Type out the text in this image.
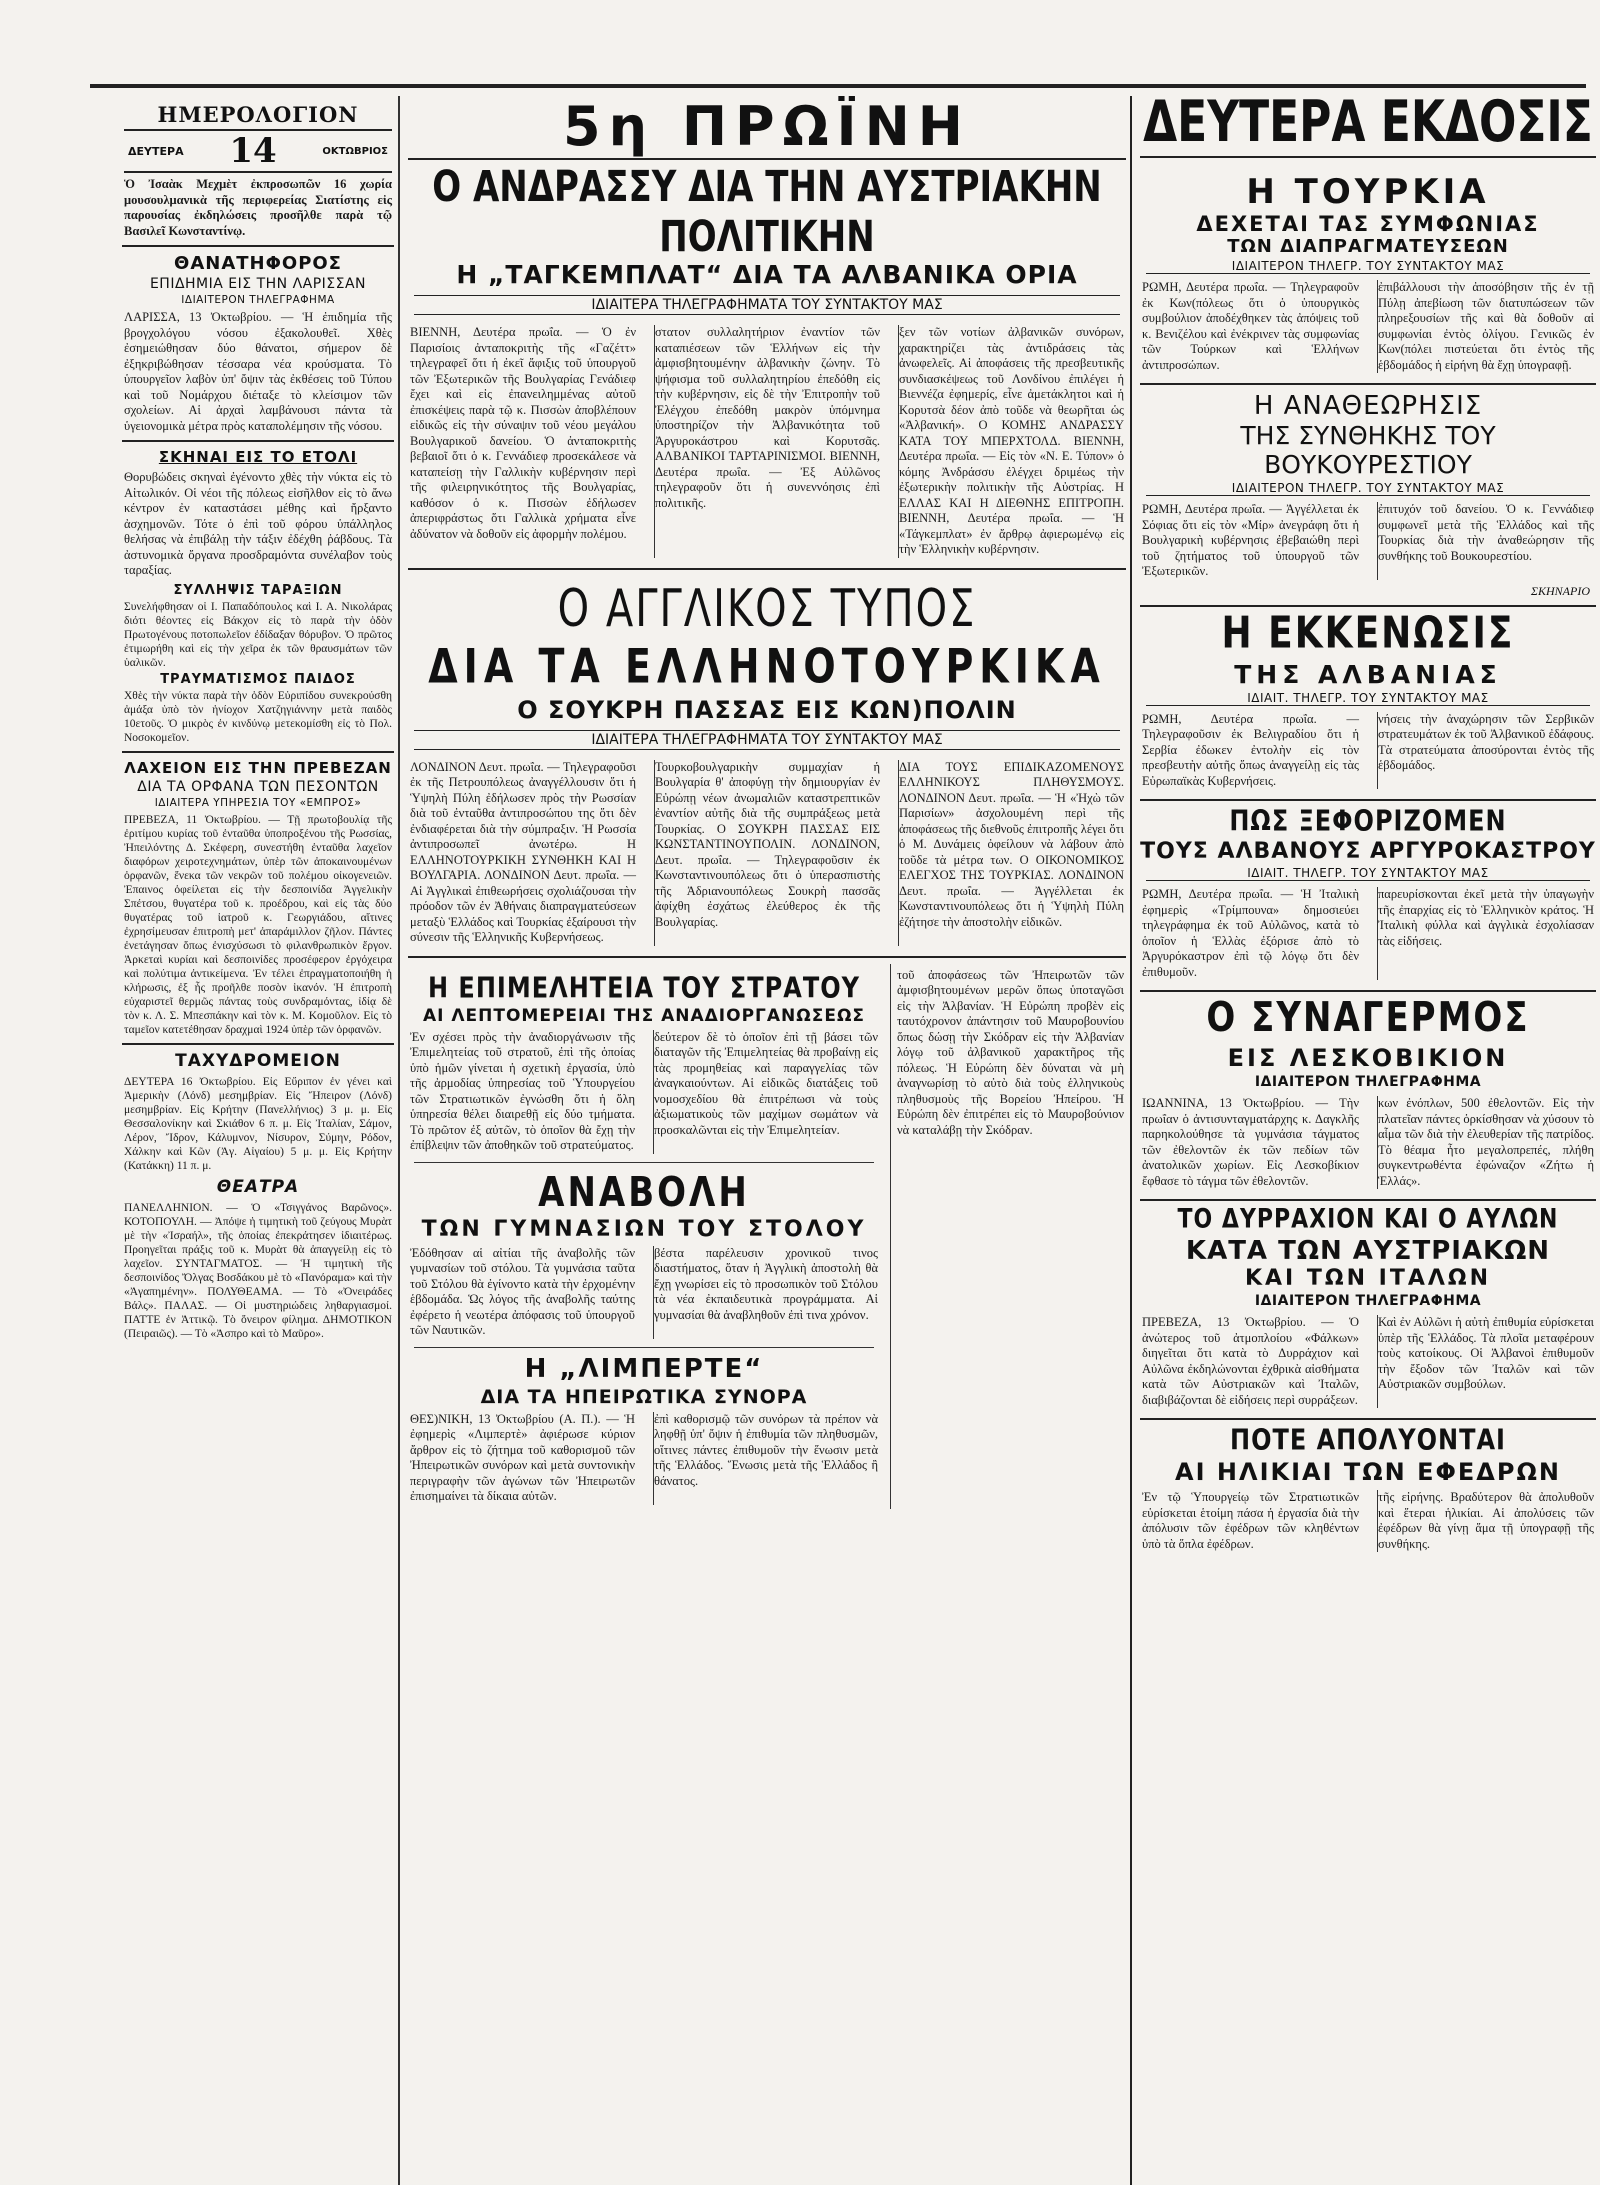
ΗΜΕΡΟΛΟΓΙΟΝ
ΔΕΥΤΕΡΑ 14	ΟΚΤΩΒΡΙΟΣ

Ὁ Ἰσαὰκ Μεχμὲτ ἐκπροσωπῶν 16 χωρία μουσουλμανικὰ τῆς περιφερείας Σιατίστης εἰς παρουσίας ἐκδηλώσεις προσῆλθε παρὰ τῷ Βασιλεῖ Κωνσταντίνῳ.

ΘΑΝΑΤΗΦΟΡΟΣ
ΕΠΙΔΗΜΙΑ ΕΙΣ ΤΗΝ ΛΑΡΙΣΣΑΝ
ΙΔΙΑΙΤΕΡΟΝ ΤΗΛΕΓΡΑΦΗΜΑ

ΛΑΡΙΣΣΑ, 13 Ὀκτωβρίου. — Ἡ ἐπιδημία τῆς βρογχολόγου νόσου ἐξακολουθεῖ. Χθὲς ἐσημειώθησαν δύο θάνατοι, σήμερον δὲ ἐξηκριβώθησαν τέσσαρα νέα κρούσματα. Τὸ ὑπουργεῖον λαβὸν ὑπ' ὄψιν τὰς ἐκθέσεις τοῦ Τύπου καὶ τοῦ Νομάρχου διέταξε τὸ κλείσιμον τῶν σχολείων. Αἱ ἀρχαὶ λαμβάνουσι πάντα τὰ ὑγειονομικὰ μέτρα πρὸς καταπολέμησιν τῆς νόσου.

ΣΚΗΝΑΙ ΕΙΣ ΤΟ ΕΤΟΛΙ

Θορυβώδεις σκηναὶ ἐγένοντο χθὲς τὴν νύκτα εἰς τὸ Αἰτωλικόν. Οἱ νέοι τῆς πόλεως εἰσῆλθον εἰς τὸ ἄνω κέντρον ἐν καταστάσει μέθης καὶ ἤρξαντο ἀσχημονῶν. Τότε ὁ ἐπὶ τοῦ φόρου ὑπάλληλος θελήσας νὰ ἐπιβάλῃ τὴν τάξιν ἐδέχθη ῥάβδους. Τὰ ἀστυνομικὰ ὄργανα προσδραμόντα συνέλαβον τοὺς ταραξίας.

ΣΥΛΛΗΨΙΣ ΤΑΡΑΞΙΩΝ

Συνελήφθησαν οἱ Ι. Παπαδόπουλος καὶ Ι. Α. Νικολάρας διότι θέοντες εἰς Βάκχον εἰς τὸ παρὰ τὴν ὁδὸν Πρωτογένους ποτοπωλεῖον ἐδίδαξαν θόρυβον. Ὁ πρῶτος ἐτιμωρήθη καὶ εἰς τὴν χεῖρα ἐκ τῶν θραυσμάτων τῶν ὑαλικῶν.

ΤΡΑΥΜΑΤΙΣΜΟΣ ΠΑΙΔΟΣ

Χθὲς τὴν νύκτα παρὰ τὴν ὁδὸν Εὐριπίδου συνεκρούσθη ἁμάξα ὑπὸ τὸν ἡνίοχον Χατζηγιάννην μετὰ παιδὸς 10ετοῦς. Ὁ μικρὸς ἐν κινδύνῳ μετεκομίσθη εἰς τὸ Πολ. Νοσοκομεῖον.

ΛΑΧΕΙΟΝ ΕΙΣ ΤΗΝ ΠΡΕΒΕΖΑΝ
ΔΙΑ ΤΑ ΟΡΦΑΝΑ ΤΩΝ ΠΕΣΟΝΤΩΝ
ΙΔΙΑΙΤΕΡΑ ΥΠΗΡΕΣΙΑ ΤΟΥ «ΕΜΠΡΟΣ»

ΠΡΕΒΕΖΑ, 11 Ὀκτωβρίου. — Τῇ πρωτοβουλίᾳ τῆς ἐριτίμου κυρίας τοῦ ἐνταῦθα ὑποπροξένου τῆς Ρωσσίας, Ἠπειλόντης Δ. Σκέφερη, συνεστήθη ἐνταῦθα λαχεῖον διαφόρων χειροτεχνημάτων, ὑπὲρ τῶν ἀποκαινουμένων ὀρφανῶν, ἕνεκα τῶν νεκρῶν τοῦ πολέμου οἰκογενειῶν. Ἐπαινος ὀφείλεται εἰς τὴν δεσποινίδα Ἀγγελικὴν Σπέτσου, θυγατέρα τοῦ κ. προέδρου, καὶ εἰς τὰς δύο θυγατέρας τοῦ ἰατροῦ κ. Γεωργιάδου, αἵτινες ἐχρησίμευσαν ἐπιτροπὴ μετ' ἀπαράμιλλον ζῆλον. Πάντες ἐνετάγησαν ὅπως ἐνισχύσωσι τὸ φιλανθρωπικὸν ἔργον. Ἀρκεταὶ κυρίαι καὶ δεσποινίδες προσέφερον ἐργόχειρα καὶ πολύτιμα ἀντικείμενα. Ἐν τέλει ἐπραγματοποιήθη ἡ κλήρωσις, ἐξ ἧς προῆλθε ποσὸν ἱκανόν. Ἡ ἐπιτροπὴ εὐχαριστεῖ θερμῶς πάντας τοὺς συνδραμόντας, ἰδίᾳ δὲ τὸν κ. Λ. Σ. Μπεσπάκην καὶ τὸν κ. Μ. Κομοῦλον. Εἰς τὸ ταμεῖον κατετέθησαν δραχμαὶ 1924 ὑπὲρ τῶν ὀρφανῶν.

ΤΑΧΥΔΡΟΜΕΙΟΝ

ΔΕΥΤΕΡΑ 16 Ὀκτωβρίου. Εἰς Εὔριπον ἐν γένει καὶ Ἀμερικὴν (Λόνδ) μεσημβρίαν. Εἰς Ἤπειρον (Λόνδ) μεσημβρίαν. Εἰς Κρήτην (Πανελλήνιος) 3 μ. μ. Εἰς Θεσσαλονίκην καὶ Σκιάθον 6 π. μ. Εἰς Ἰταλίαν, Σάμον, Λέρον, Ἴδρον, Κάλυμνον, Νίσυρον, Σύμην, Ρόδον, Χάλκην καὶ Κῶν (Ἀγ. Αἰγαίου) 5 μ. μ. Εἰς Κρήτην (Κατάκκη) 11 π. μ.

ΘΕΑΤΡΑ

ΠΑΝΕΛΛΗΝΙΟΝ. — Ὁ «Τσιγγάνος Βαρῶνος». ΚΟΤΟΠΟΥΛΗ. — Ἀπόψε ἡ τιμητικὴ τοῦ ζεύγους Μυρὰτ μὲ τὴν «Ἰσραήλ», τῆς ὁποίας ἐπεκράτησεν ἰδιαιτέρως. Προηγεῖται πράξις τοῦ κ. Μυρὰτ θὰ ἀπαγγείλῃ εἰς τὸ λαχεῖον. ΣΥΝΤΑΓΜΑΤΟΣ. — Ἡ τιμητικὴ τῆς δεσποινίδος Ὄλγας Βοσδάκου μὲ τὸ «Πανόραμα» καὶ τὴν «Ἀγαπημένην». ΠΟΛΥΘΕΑΜΑ. — Τὸ «Ὀνειράδες Βάλς». ΠΑΛΑΣ. — Οἱ μυστηριώδεις ληθαργιασμοί. ΠΑΤΤΕ ἐν Ἀττικῷ. Τὸ ὄνειρον φίλημα. ΔΗΜΟΤΙΚΟΝ (Πειραιῶς). — Τὸ «Ἀσπρο καὶ τὸ Μαῦρο».

5η ΠΡΩΪΝΗ
Ο ΑΝΔΡΑΣΣΥ ΔΙΑ ΤΗΝ ΑΥΣΤΡΙΑΚΗΝ ΠΟΛΙΤΙΚΗΝ
Η „ΤΑΓΚΕΜΠΛΑΤ“ ΔΙΑ ΤΑ ΑΛΒΑΝΙΚΑ ΟΡΙΑ
ΙΔΙΑΙΤΕΡΑ ΤΗΛΕΓΡΑΦΗΜΑΤΑ ΤΟΥ ΣΥΝΤΑΚΤΟΥ ΜΑΣ

ΒΙΕΝΝΗ, Δευτέρα πρωΐα. — Ὁ ἐν Παρισίοις ἀνταποκριτὴς τῆς «Γαζέττ» τηλεγραφεῖ ὅτι ἡ ἐκεῖ ἄφιξις τοῦ ὑπουργοῦ τῶν Ἐξωτερικῶν τῆς Βουλγαρίας Γενάδιεφ ἔχει καὶ εἰς ἐπανειλημμένας αὐτοῦ ἐπισκέψεις παρὰ τῷ κ. Πισσὼν ἀποβλέπουν εἰδικῶς εἰς τὴν σύναψιν τοῦ νέου μεγάλου Βουλγαρικοῦ δανείου. Ὁ ἀνταποκριτὴς βεβαιοῖ ὅτι ὁ κ. Γεννάδιεφ προσεκάλεσε νὰ καταπείσῃ τὴν Γαλλικὴν κυβέρνησιν περὶ τῆς φιλειρηνικότητος τῆς Βουλγαρίας, καθόσον ὁ κ. Πισσὼν ἐδήλωσεν ἀπεριφράστως ὅτι Γαλλικὰ χρήματα εἶνε ἀδύνατον νὰ δοθοῦν εἰς ἀφορμὴν πολέμου.

στατον συλλαλητήριον ἐναντίον τῶν καταπιέσεων τῶν Ἑλλήνων εἰς τὴν ἀμφισβητουμένην ἀλβανικὴν ζώνην. Τὸ ψήφισμα τοῦ συλλαλητηρίου ἐπεδόθη εἰς τὴν κυβέρνησιν, εἰς δὲ τὴν Ἐπιτροπὴν τοῦ Ἐλέγχου ἐπεδόθη μακρὸν ὑπόμνημα ὑποστηρίζον τὴν Ἀλβανικότητα τοῦ Ἀργυροκάστρου καὶ Κορυτσᾶς. ΑΛΒΑΝΙΚΟΙ ΤΑΡΤΑΡΙΝΙΣΜΟΙ. ΒΙΕΝΝΗ, Δευτέρα πρωΐα. — Ἐξ Αὐλῶνος τηλεγραφοῦν ὅτι ἡ συνεννόησις ἐπὶ πολιτικῆς.

ξεν τῶν νοτίων ἀλβανικῶν συνόρων, χαρακτηρίζει τὰς ἀντιδράσεις τὰς ἀνωφελεῖς. Αἱ ἀποφάσεις τῆς πρεσβευτικῆς συνδιασκέψεως τοῦ Λονδίνου ἐπιλέγει ἡ Βιεννέζα ἐφημερίς, εἶνε ἀμετάκλητοι καὶ ἡ Κορυτσὰ δέον ἀπὸ τοῦδε νὰ θεωρῆται ὡς «Ἀλβανική». Ο ΚΟΜΗΣ ΑΝΔΡΑΣΣΥ ΚΑΤΑ ΤΟΥ ΜΠΕΡΧΤΟΛΔ. ΒΙΕΝΝΗ, Δευτέρα πρωΐα. — Εἰς τὸν «Ν. Ε. Τύπον» ὁ κόμης Ἀνδράσσυ ἐλέγχει δριμέως τὴν ἐξωτερικὴν πολιτικὴν τῆς Αὐστρίας. Η ΕΛΛΑΣ ΚΑΙ Η ΔΙΕΘΝΗΣ ΕΠΙΤΡΟΠΗ. ΒΙΕΝΝΗ, Δευτέρα πρωΐα. — Ἡ «Τάγκεμπλατ» ἐν ἄρθρῳ ἀφιερωμένῳ εἰς τὴν Ἑλληνικὴν κυβέρνησιν.

Ο ΑΓΓΛΙΚΟΣ ΤΥΠΟΣ
ΔΙΑ ΤΑ ΕΛΛΗΝΟΤΟΥΡΚΙΚΑ
Ο ΣΟΥΚΡΗ ΠΑΣΣΑΣ ΕΙΣ ΚΩΝ)ΠΟΛΙΝ
ΙΔΙΑΙΤΕΡΑ ΤΗΛΕΓΡΑΦΗΜΑΤΑ ΤΟΥ ΣΥΝΤΑΚΤΟΥ ΜΑΣ

ΛΟΝΔΙΝΟΝ Δευτ. πρωΐα. — Τηλεγραφοῦσι ἐκ τῆς Πετρουπόλεως ἀναγγέλλουσιν ὅτι ἡ Ὑψηλὴ Πύλη ἐδήλωσεν πρὸς τὴν Ρωσσίαν διὰ τοῦ ἐνταῦθα ἀντιπροσώπου της ὅτι δὲν ἐνδιαφέρεται διὰ τὴν σύμπραξιν. Ἡ Ρωσσία ἀντιπροσωπεῖ ἀνωτέρω. Η ΕΛΛΗΝΟΤΟΥΡΚΙΚΗ ΣΥΝΘΗΚΗ ΚΑΙ Η ΒΟΥΛΓΑΡΙΑ. ΛΟΝΔΙΝΟΝ Δευτ. πρωΐα. — Αἱ Ἀγγλικαὶ ἐπιθεωρήσεις σχολιάζουσαι τὴν πρόοδον τῶν ἐν Ἀθήναις διαπραγματεύσεων μεταξὺ Ἑλλάδος καὶ Τουρκίας ἐξαίρουσι τὴν σύνεσιν τῆς Ἑλληνικῆς Κυβερνήσεως.

Τουρκοβουλγαρικὴν συμμαχίαν ἡ Βουλγαρία θ' ἀποφύγῃ τὴν δημιουργίαν ἐν Εὐρώπῃ νέων ἀνωμαλιῶν καταστρεπτικῶν ἐναντίον αὐτῆς διὰ τῆς συμπράξεως μετὰ Τουρκίας. Ο ΣΟΥΚΡΗ ΠΑΣΣΑΣ ΕΙΣ ΚΩΝΣΤΑΝΤΙΝΟΥΠΟΛΙΝ. ΛΟΝΔΙΝΟΝ, Δευτ. πρωΐα. — Τηλεγραφοῦσιν ἐκ Κωνσταντινουπόλεως ὅτι ὁ ὑπερασπιστὴς τῆς Ἀδριανουπόλεως Σουκρὴ πασσᾶς ἀφίχθη ἐσχάτως ἐλεύθερος ἐκ τῆς Βουλγαρίας.

ΔΙΑ ΤΟΥΣ ΕΠΙΔΙΚΑΖΟΜΕΝΟΥΣ ΕΛΛΗΝΙΚΟΥΣ ΠΛΗΘΥΣΜΟΥΣ. ΛΟΝΔΙΝΟΝ Δευτ. πρωΐα. — Ἡ «Ἠχὼ τῶν Παρισίων» ἀσχολουμένη περὶ τῆς ἀποφάσεως τῆς διεθνοῦς ἐπιτροπῆς λέγει ὅτι ὁ Μ. Δυνάμεις ὀφείλουν νὰ λάβουν ἀπὸ τοῦδε τὰ μέτρα των. Ο ΟΙΚΟΝΟΜΙΚΟΣ ΕΛΕΓΧΟΣ ΤΗΣ ΤΟΥΡΚΙΑΣ. ΛΟΝΔΙΝΟΝ Δευτ. πρωΐα. — Ἀγγέλλεται ἐκ Κωνσταντινουπόλεως ὅτι ἡ Ὑψηλὴ Πύλη ἐζήτησε τὴν ἀποστολὴν εἰδικῶν.

Η ΕΠΙΜΕΛΗΤΕΙΑ ΤΟΥ ΣΤΡΑΤΟΥ
ΑΙ ΛΕΠΤΟΜΕΡΕΙΑΙ ΤΗΣ ΑΝΑΔΙΟΡΓΑΝΩΣΕΩΣ

Ἐν σχέσει πρὸς τὴν ἀναδιοργάνωσιν τῆς Ἐπιμελητείας τοῦ στρατοῦ, ἐπὶ τῆς ὁποίας ὑπὸ ἡμῶν γίνεται ἡ σχετικὴ ἐργασία, ὑπὸ τῆς ἀρμοδίας ὑπηρεσίας τοῦ Ὑπουργείου τῶν Στρατιωτικῶν ἐγνώσθη ὅτι ἡ ὅλη ὑπηρεσία θέλει διαιρεθῇ εἰς δύο τμήματα. Τὸ πρῶτον ἐξ αὐτῶν, τὸ ὁποῖον θὰ ἔχῃ τὴν ἐπίβλεψιν τῶν ἀποθηκῶν τοῦ στρατεύματος.

δεύτερον δὲ τὸ ὁποῖον ἐπὶ τῇ βάσει τῶν διαταγῶν τῆς Ἐπιμελητείας θὰ προβαίνῃ εἰς τὰς προμηθείας καὶ παραγγελίας τῶν ἀναγκαιούντων. Αἱ εἰδικῶς διατάξεις τοῦ νομοσχεδίου θὰ ἐπιτρέπωσι νὰ τοὺς ἀξιωματικοὺς τῶν μαχίμων σωμάτων νὰ προσκαλῶνται εἰς τὴν Ἐπιμελητείαν.

ΑΝΑΒΟΛΗ
ΤΩΝ ΓΥΜΝΑΣΙΩΝ ΤΟΥ ΣΤΟΛΟΥ

Ἐδόθησαν αἱ αἰτίαι τῆς ἀναβολῆς τῶν γυμνασίων τοῦ στόλου. Τὰ γυμνάσια ταῦτα τοῦ Στόλου θὰ ἐγίνοντο κατὰ τὴν ἐρχομένην ἑβδομάδα. Ὡς λόγος τῆς ἀναβολῆς ταύτης ἐφέρετο ἡ νεωτέρα ἀπόφασις τοῦ ὑπουργοῦ τῶν Ναυτικῶν.

βέστα παρέλευσιν χρονικοῦ τινος διαστήματος, ὅταν ἡ Ἀγγλικὴ ἀποστολὴ θὰ ἔχῃ γνωρίσει εἰς τὸ προσωπικὸν τοῦ Στόλου τὰ νέα ἐκπαιδευτικὰ προγράμματα. Αἱ γυμνασίαι θὰ ἀναβληθοῦν ἐπὶ τινα χρόνον.

Η „ΛΙΜΠΕΡΤΕ“
ΔΙΑ ΤΑ ΗΠΕΙΡΩΤΙΚΑ ΣΥΝΟΡΑ

ΘΕΣ)ΝΙΚΗ, 13 Ὀκτωβρίου (Α. Π.). — Ἡ ἐφημερὶς «Λιμπερτὲ» ἀφιέρωσε κύριον ἄρθρον εἰς τὸ ζήτημα τοῦ καθορισμοῦ τῶν Ἠπειρωτικῶν συνόρων καὶ μετὰ συντονικὴν περιγραφὴν τῶν ἀγώνων τῶν Ἠπειρωτῶν ἐπισημαίνει τὰ δίκαια αὐτῶν.

ἐπὶ καθορισμῷ τῶν συνόρων τὰ πρέπον νὰ ληφθῇ ὑπ' ὄψιν ἡ ἐπιθυμία τῶν πληθυσμῶν, οἵτινες πάντες ἐπιθυμοῦν τὴν ἕνωσιν μετὰ τῆς Ἑλλάδος. Ἕνωσις μετὰ τῆς Ἑλλάδος ἢ θάνατος.

τοῦ ἀποφάσεως τῶν Ἠπειρωτῶν τῶν ἀμφισβητουμένων μερῶν ὅπως ὑποταγῶσι εἰς τὴν Ἀλβανίαν. Ἡ Εὐρώπη προβὲν εἰς ταυτόχρονον ἀπάντησιν τοῦ Μαυροβουνίου ὅπως δώσῃ τὴν Σκόδραν εἰς τὴν Ἀλβανίαν λόγῳ τοῦ ἀλβανικοῦ χαρακτῆρος τῆς πόλεως. Ἡ Εὐρώπη δὲν δύναται νὰ μὴ ἀναγνωρίσῃ τὸ αὐτὸ διὰ τοὺς ἑλληνικοὺς πληθυσμοὺς τῆς Βορείου Ἠπείρου. Ἡ Εὐρώπη δὲν ἐπιτρέπει εἰς τὸ Μαυροβούνιον νὰ καταλάβῃ τὴν Σκόδραν.

ΔΕΥΤΕΡΑ ΕΚΔΟΣΙΣ
Η ΤΟΥΡΚΙΑ
ΔΕΧΕΤΑΙ ΤΑΣ ΣΥΜΦΩΝΙΑΣ
ΤΩΝ ΔΙΑΠΡΑΓΜΑΤΕΥΣΕΩΝ
ΙΔΙΑΙΤΕΡΟΝ ΤΗΛΕΓΡ. ΤΟΥ ΣΥΝΤΑΚΤΟΥ ΜΑΣ

ΡΩΜΗ, Δευτέρα πρωΐα. — Τηλεγραφοῦν ἐκ Κων(πόλεως ὅτι ὁ ὑπουργικὸς συμβούλιον ἀποδέχθηκεν τὰς ἀπόψεις τοῦ κ. Βενιζέλου καὶ ἐνέκρινεν τὰς συμφωνίας τῶν Τούρκων καὶ Ἑλλήνων ἀντιπροσώπων.

ἐπιβάλλουσι τὴν ἀποσόβησιν τῆς ἐν τῇ Πύλῃ ἀπεβίωση τῶν διατυπώσεων τῶν πληρεξουσίων τῆς καὶ θὰ δοθοῦν αἱ συμφωνίαι ἐντὸς ὀλίγου. Γενικῶς ἐν Κων(πόλει πιστεύεται ὅτι ἐντὸς τῆς ἑβδομάδος ἡ εἰρήνη θὰ ἔχῃ ὑπογραφῇ.

Η ΑΝΑΘΕΩΡΗΣΙΣ
ΤΗΣ ΣΥΝΘΗΚΗΣ ΤΟΥ ΒΟΥΚΟΥΡΕΣΤΙΟΥ
ΙΔΙΑΙΤΕΡΟΝ ΤΗΛΕΓΡ. ΤΟΥ ΣΥΝΤΑΚΤΟΥ ΜΑΣ

ΡΩΜΗ, Δευτέρα πρωΐα. — Ἀγγέλλεται ἐκ Σόφιας ὅτι εἰς τὸν «Μίρ» ἀνεγράφη ὅτι ἡ Βουλγαρικὴ κυβέρνησις ἐβεβαιώθη περὶ τοῦ ζητήματος τοῦ ὑπουργοῦ τῶν Ἐξωτερικῶν.

ἐπιτυχόν τοῦ δανείου. Ὁ κ. Γεννάδιεφ συμφωνεῖ μετὰ τῆς Ἑλλάδος καὶ τῆς Τουρκίας διὰ τὴν ἀναθεώρησιν τῆς συνθήκης τοῦ Βουκουρεστίου.

ΣΚΗΝΑΡΙΟ
Η ΕΚΚΕΝΩΣΙΣ
ΤΗΣ ΑΛΒΑΝΙΑΣ
ΙΔΙΑΙΤ. ΤΗΛΕΓΡ. ΤΟΥ ΣΥΝΤΑΚΤΟΥ ΜΑΣ

ΡΩΜΗ, Δευτέρα πρωΐα. — Τηλεγραφοῦσιν ἐκ Βελιγραδίου ὅτι ἡ Σερβία ἐδωκεν ἐντολὴν εἰς τὸν πρεσβευτὴν αὐτῆς ὅπως ἀναγγείλῃ εἰς τὰς Εὐρωπαϊκὰς Κυβερνήσεις.

νήσεις τὴν ἀναχώρησιν τῶν Σερβικῶν στρατευμάτων ἐκ τοῦ Ἀλβανικοῦ ἐδάφους. Τὰ στρατεύματα ἀποσύρονται ἐντὸς τῆς ἑβδομάδος.

ΠΩΣ ΞΕΦΟΡΙΖΟΜΕΝ
ΤΟΥΣ ΑΛΒΑΝΟΥΣ ΑΡΓΥΡΟΚΑΣΤΡΟΥ
ΙΔΙΑΙΤ. ΤΗΛΕΓΡ. ΤΟΥ ΣΥΝΤΑΚΤΟΥ ΜΑΣ

ΡΩΜΗ, Δευτέρα πρωΐα. — Ἡ Ἰταλικὴ ἐφημερὶς «Τρίμπουνα» δημοσιεύει τηλεγράφημα ἐκ τοῦ Αὐλῶνος, κατὰ τὸ ὁποῖον ἡ Ἑλλὰς ἐξόρισε ἀπὸ τὸ Ἀργυρόκαστρον ἐπὶ τῷ λόγῳ ὅτι δὲν ἐπιθυμοῦν.

παρευρίσκονται ἐκεῖ μετὰ τὴν ὑπαγωγὴν τῆς ἐπαρχίας εἰς τὸ Ἑλληνικὸν κράτος. Ἡ Ἰταλικὴ φύλλα καὶ ἀγγλικὰ ἐσχολίασαν τὰς εἰδήσεις.

Ο ΣΥΝΑΓΕΡΜΟΣ
ΕΙΣ ΛΕΣΚΟΒΙΚΙΟΝ
ΙΔΙΑΙΤΕΡΟΝ ΤΗΛΕΓΡΑΦΗΜΑ

ΙΩΑΝΝΙΝΑ, 13 Ὀκτωβρίου. — Τὴν πρωΐαν ὁ ἀντισυνταγματάρχης κ. Δαγκλῆς παρηκολούθησε τὰ γυμνάσια τάγματος τῶν ἐθελοντῶν ἐκ τῶν πεδίων τῶν ἀνατολικῶν χωρίων. Εἰς Λεσκοβίκιον ἔφθασε τὸ τάγμα τῶν ἐθελοντῶν.

κων ἐνόπλων, 500 ἐθελοντῶν. Εἰς τὴν πλατεῖαν πάντες ὁρκίσθησαν νὰ χύσουν τὸ αἷμα τῶν διὰ τὴν ἐλευθερίαν τῆς πατρίδος. Τὸ θέαμα ἦτο μεγαλοπρεπές, πλήθη συγκεντρωθέντα ἐφώναζον «Ζήτω ἡ Ἑλλάς».

ΤΟ ΔΥΡΡΑΧΙΟΝ ΚΑΙ Ο ΑΥΛΩΝ
ΚΑΤΑ ΤΩΝ ΑΥΣΤΡΙΑΚΩΝ
ΚΑΙ ΤΩΝ ΙΤΑΛΩΝ
ΙΔΙΑΙΤΕΡΟΝ ΤΗΛΕΓΡΑΦΗΜΑ

ΠΡΕΒΕΖΑ, 13 Ὀκτωβρίου. — Ὁ ἀνώτερος τοῦ ἀτμοπλοίου «Φάλκων» διηγεῖται ὅτι κατὰ τὸ Δυρράχιον καὶ Αὐλῶνα ἐκδηλώνονται ἐχθρικὰ αἰσθήματα κατὰ τῶν Αὐστριακῶν καὶ Ἰταλῶν, διαβιβάζονται δὲ εἰδήσεις περὶ συρράξεων.

Καὶ ἐν Αὐλῶνι ἡ αὐτὴ ἐπιθυμία εὑρίσκεται ὑπὲρ τῆς Ἑλλάδος. Τὰ πλοῖα μεταφέρουν τοὺς κατοίκους. Οἱ Ἀλβανοὶ ἐπιθυμοῦν τὴν ἔξοδον τῶν Ἰταλῶν καὶ τῶν Αὐστριακῶν συμβούλων.

ΠΟΤΕ ΑΠΟΛΥΟΝΤΑΙ
ΑΙ ΗΛΙΚΙΑΙ ΤΩΝ ΕΦΕΔΡΩΝ

Ἐν τῷ Ὑπουργείῳ τῶν Στρατιωτικῶν εὑρίσκεται ἑτοίμη πάσα ἡ ἐργασία διὰ τὴν ἀπόλυσιν τῶν ἐφέδρων τῶν κληθέντων ὑπὸ τὰ ὅπλα ἐφέδρων.

τῆς εἰρήνης. Βραδύτερον θὰ ἀπολυθοῦν καὶ ἕτεραι ἡλικίαι. Αἱ ἀπολύσεις τῶν ἐφέδρων θὰ γίνῃ ἅμα τῇ ὑπογραφῇ τῆς συνθήκης.
